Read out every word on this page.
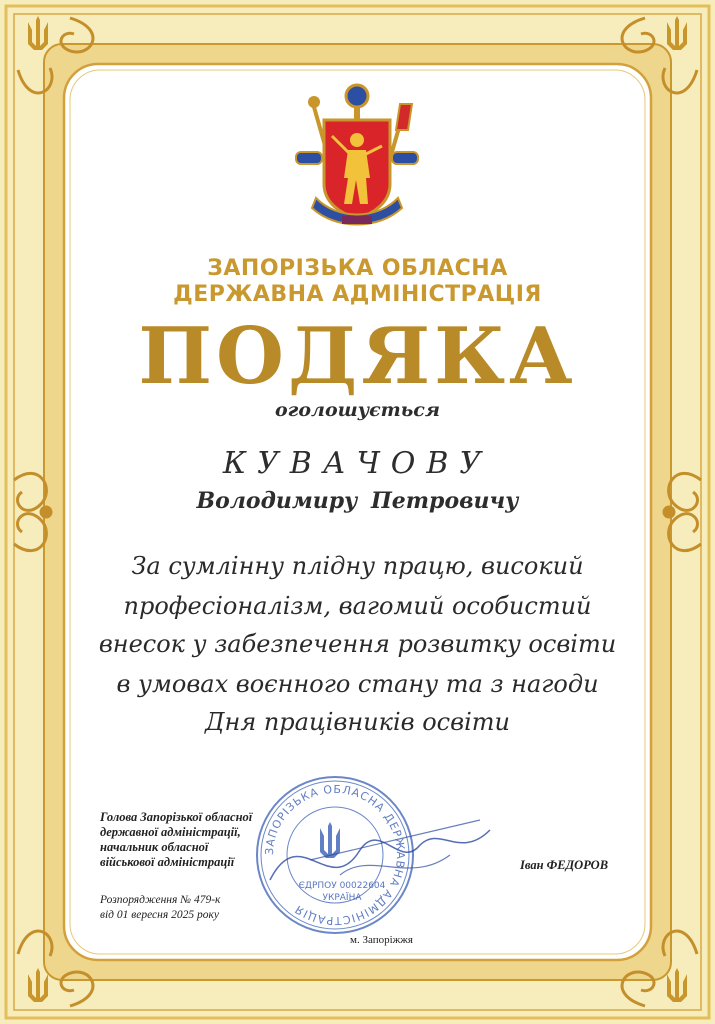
ЗАПОРІЗЬКА ОБЛАСНА
ДЕРЖАВНА АДМІНІСТРАЦІЯ
ПОДЯКА
оголошується
КУВАЧОВУ
Володимиру Петровичу
За сумлінну плідну працю, високий
професіоналізм, вагомий особистий
внесок у забезпечення розвитку освіти
в умовах воєнного стану та з нагоди
Дня працівників освіти
ЗАПОРІЗЬКА ОБЛАСНА ДЕРЖАВНА АДМІНІСТРАЦІЯ
ЄДРПОУ 00022604
УКРАЇНА
Голова Запорізької обласної
державної адміністрації,
начальник обласної
військової адміністрації	Іван ФЕДОРОВ
Розпорядження № 479-к
від 01 вересня 2025 року
м. Запоріжжя
